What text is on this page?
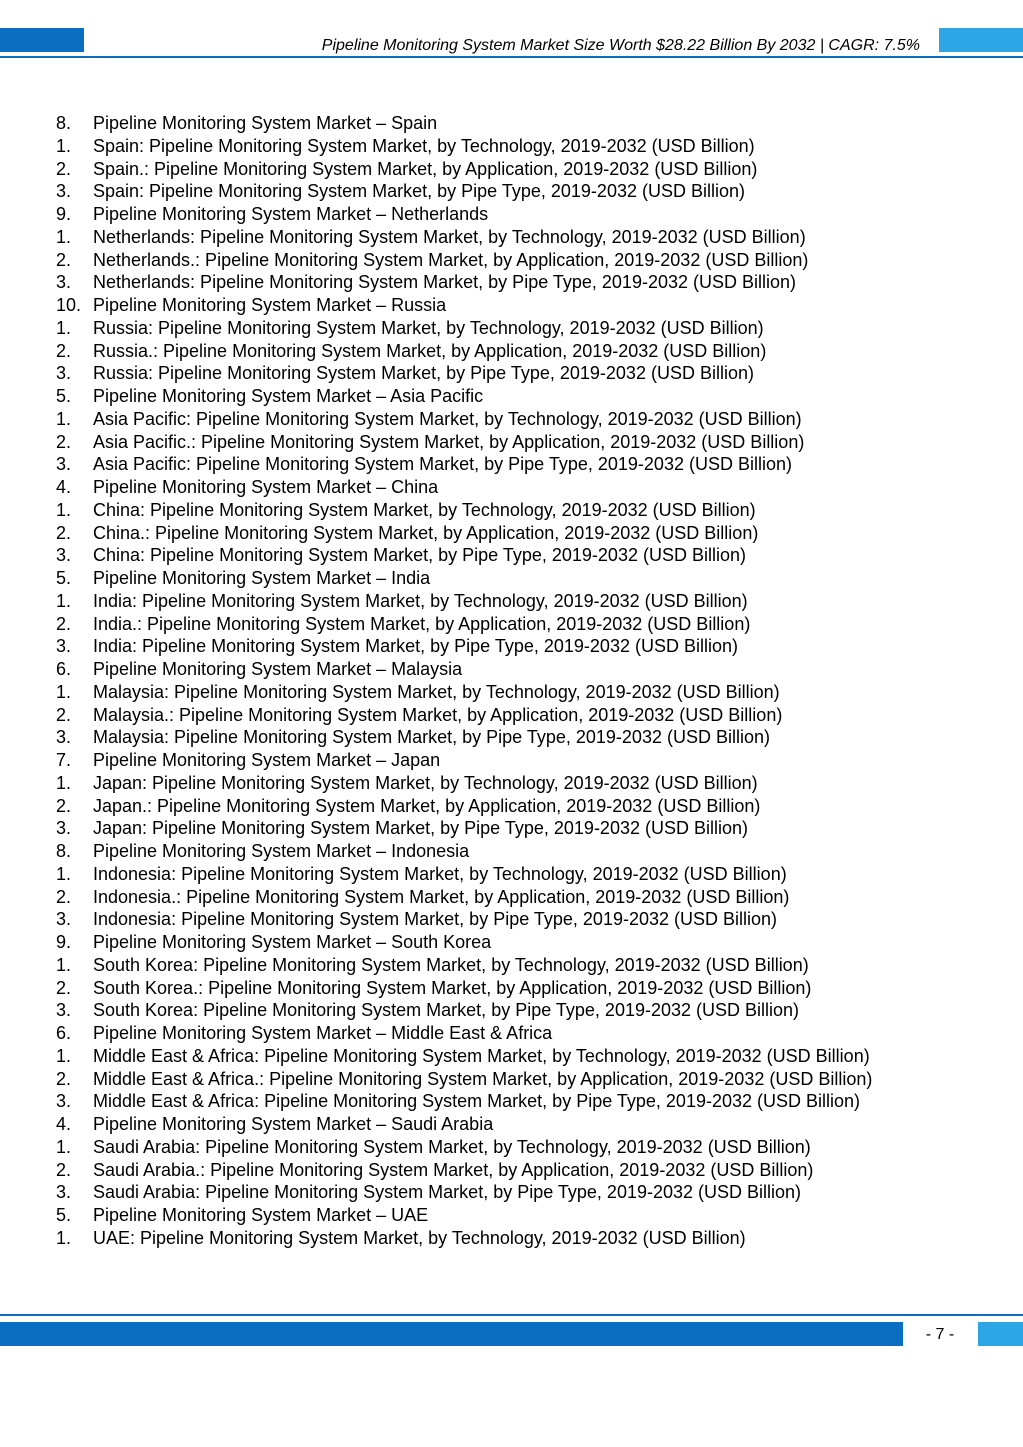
Pipeline Monitoring System Market Size Worth $28.22 Billion By 2032 | CAGR: 7.5%
8.	Pipeline Monitoring System Market – Spain
1.	Spain: Pipeline Monitoring System Market, by Technology, 2019-2032 (USD Billion)
2.	Spain.: Pipeline Monitoring System Market, by Application, 2019-2032 (USD Billion)
3.	Spain: Pipeline Monitoring System Market, by Pipe Type, 2019-2032 (USD Billion)
9.	Pipeline Monitoring System Market – Netherlands
1.	Netherlands: Pipeline Monitoring System Market, by Technology, 2019-2032 (USD Billion)
2.	Netherlands.: Pipeline Monitoring System Market, by Application, 2019-2032 (USD Billion)
3.	Netherlands: Pipeline Monitoring System Market, by Pipe Type, 2019-2032 (USD Billion)
10. Pipeline Monitoring System Market – Russia
1.	Russia: Pipeline Monitoring System Market, by Technology, 2019-2032 (USD Billion)
2.	Russia.: Pipeline Monitoring System Market, by Application, 2019-2032 (USD Billion)
3.	Russia: Pipeline Monitoring System Market, by Pipe Type, 2019-2032 (USD Billion)
5.	Pipeline Monitoring System Market – Asia Pacific
1.	Asia Pacific: Pipeline Monitoring System Market, by Technology, 2019-2032 (USD Billion)
2.	Asia Pacific.: Pipeline Monitoring System Market, by Application, 2019-2032 (USD Billion)
3.	Asia Pacific: Pipeline Monitoring System Market, by Pipe Type, 2019-2032 (USD Billion)
4.	Pipeline Monitoring System Market – China
1.	China: Pipeline Monitoring System Market, by Technology, 2019-2032 (USD Billion)
2.	China.: Pipeline Monitoring System Market, by Application, 2019-2032 (USD Billion)
3.	China: Pipeline Monitoring System Market, by Pipe Type, 2019-2032 (USD Billion)
5.	Pipeline Monitoring System Market – India
1.	India: Pipeline Monitoring System Market, by Technology, 2019-2032 (USD Billion)
2.	India.: Pipeline Monitoring System Market, by Application, 2019-2032 (USD Billion)
3.	India: Pipeline Monitoring System Market, by Pipe Type, 2019-2032 (USD Billion)
6.	Pipeline Monitoring System Market – Malaysia
1.	Malaysia: Pipeline Monitoring System Market, by Technology, 2019-2032 (USD Billion)
2.	Malaysia.: Pipeline Monitoring System Market, by Application, 2019-2032 (USD Billion)
3.	Malaysia: Pipeline Monitoring System Market, by Pipe Type, 2019-2032 (USD Billion)
7.	Pipeline Monitoring System Market – Japan
1.	Japan: Pipeline Monitoring System Market, by Technology, 2019-2032 (USD Billion)
2.	Japan.: Pipeline Monitoring System Market, by Application, 2019-2032 (USD Billion)
3.	Japan: Pipeline Monitoring System Market, by Pipe Type, 2019-2032 (USD Billion)
8.	Pipeline Monitoring System Market – Indonesia
1.	Indonesia: Pipeline Monitoring System Market, by Technology, 2019-2032 (USD Billion)
2.	Indonesia.: Pipeline Monitoring System Market, by Application, 2019-2032 (USD Billion)
3.	Indonesia: Pipeline Monitoring System Market, by Pipe Type, 2019-2032 (USD Billion)
9.	Pipeline Monitoring System Market – South Korea
1.	South Korea: Pipeline Monitoring System Market, by Technology, 2019-2032 (USD Billion)
2.	South Korea.: Pipeline Monitoring System Market, by Application, 2019-2032 (USD Billion)
3.	South Korea: Pipeline Monitoring System Market, by Pipe Type, 2019-2032 (USD Billion)
6.	Pipeline Monitoring System Market – Middle East & Africa
1.	Middle East & Africa: Pipeline Monitoring System Market, by Technology, 2019-2032 (USD Billion)
2.	Middle East & Africa.: Pipeline Monitoring System Market, by Application, 2019-2032 (USD Billion)
3.	Middle East & Africa: Pipeline Monitoring System Market, by Pipe Type, 2019-2032 (USD Billion)
4.	Pipeline Monitoring System Market – Saudi Arabia
1.	Saudi Arabia: Pipeline Monitoring System Market, by Technology, 2019-2032 (USD Billion)
2.	Saudi Arabia.: Pipeline Monitoring System Market, by Application, 2019-2032 (USD Billion)
3.	Saudi Arabia: Pipeline Monitoring System Market, by Pipe Type, 2019-2032 (USD Billion)
5.	Pipeline Monitoring System Market – UAE
1.	UAE: Pipeline Monitoring System Market, by Technology, 2019-2032 (USD Billion)
- 7 -
